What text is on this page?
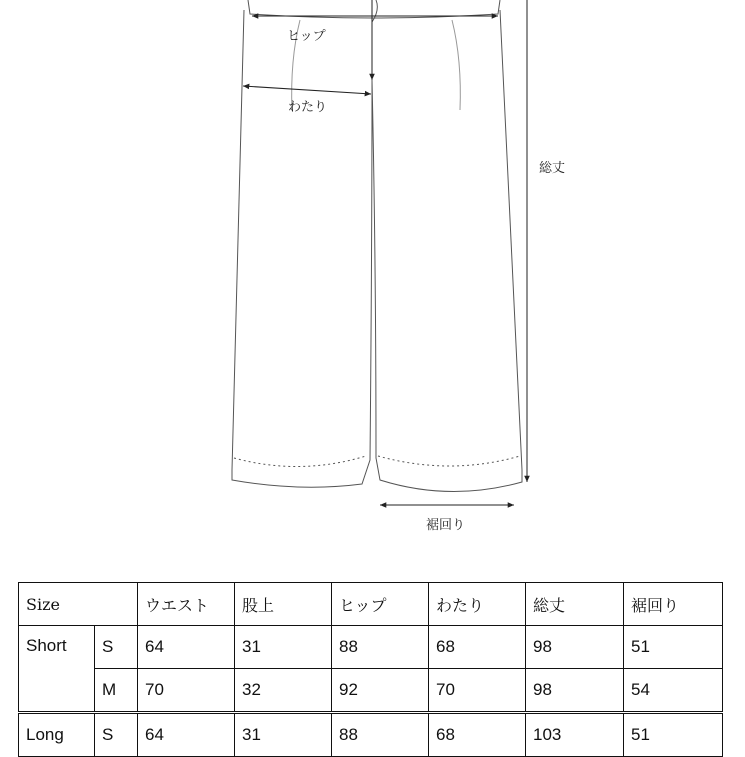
ヒップ
わたり
総丈
裾回り
Size		ウエスト	股上	ヒップ	わたり	総丈	裾回り
Short	S	64	31	88	68	98	51
	M	70	32	92	70	98	54
Long	S	64	31	88	68	103	51
